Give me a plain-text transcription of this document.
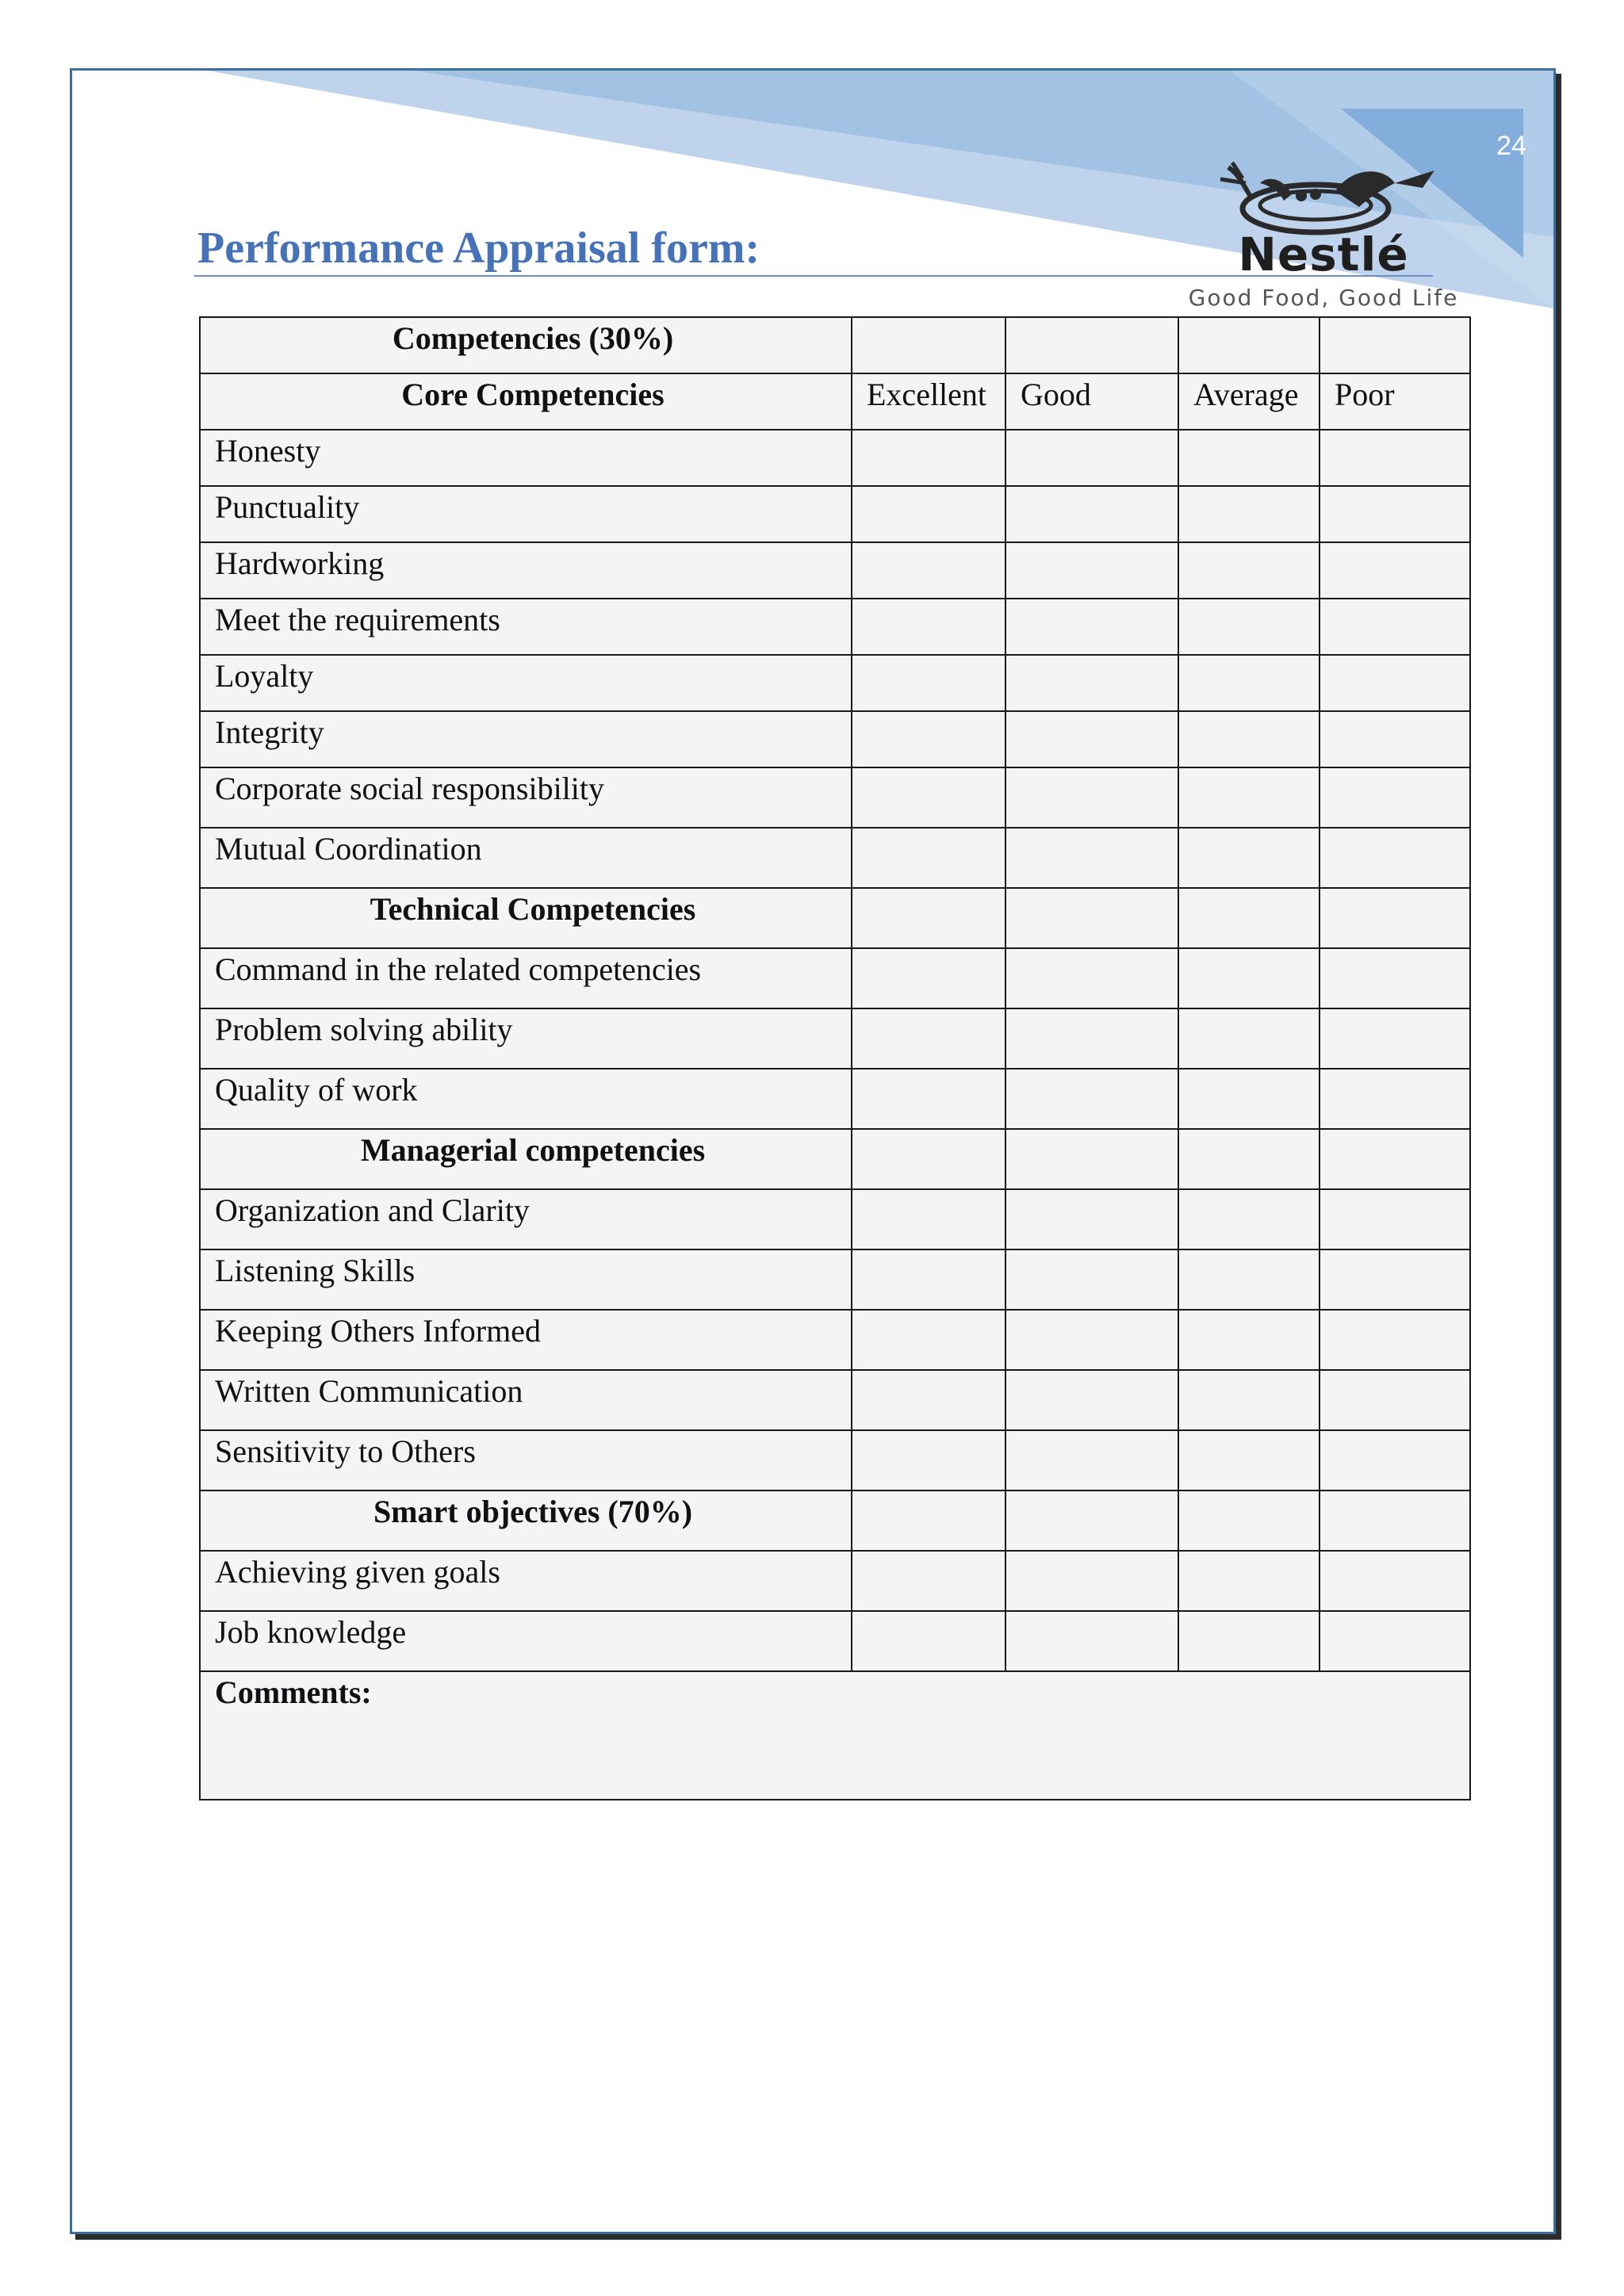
24
Nestlé
Good Food, Good Life
Performance Appraisal form:
Competencies (30%)				
Core Competencies	Excellent	Good	Average	Poor
Honesty				
Punctuality				
Hardworking				
Meet the requirements				
Loyalty				
Integrity				
Corporate social responsibility				
Mutual Coordination				
Technical Competencies				
Command in the related competencies				
Problem solving ability				
Quality of work				
Managerial competencies				
Organization and Clarity				
Listening Skills				
Keeping Others Informed				
Written Communication				
Sensitivity to Others				
Smart objectives (70%)				
Achieving given goals				
Job knowledge				
Comments:				
